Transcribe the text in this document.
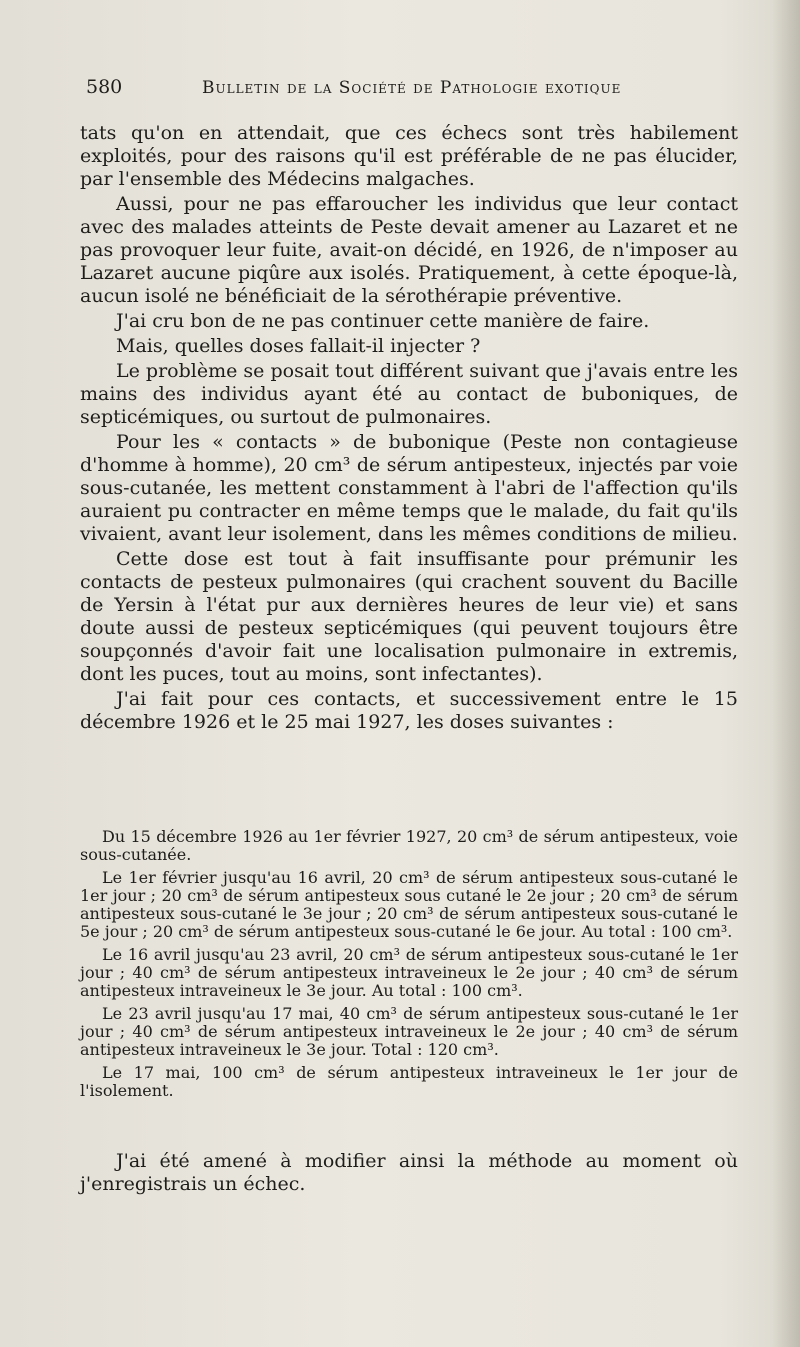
580	Bulletin de la Société de Pathologie exotique

tats qu'on en attendait, que ces échecs sont très habilement exploités, pour des raisons qu'il est préférable de ne pas élucider, par l'ensemble des Médecins malgaches.

Aussi, pour ne pas effaroucher les individus que leur contact avec des malades atteints de Peste devait amener au Lazaret et ne pas provoquer leur fuite, avait-on décidé, en 1926, de n'imposer au Lazaret aucune piqûre aux isolés. Pratiquement, à cette époque-là, aucun isolé ne bénéficiait de la sérothérapie préventive.

J'ai cru bon de ne pas continuer cette manière de faire.

Mais, quelles doses fallait-il injecter ?

Le problème se posait tout différent suivant que j'avais entre les mains des individus ayant été au contact de buboniques, de septicémiques, ou surtout de pulmonaires.

Pour les « contacts » de bubonique (Peste non contagieuse d'homme à homme), 20 cm³ de sérum antipesteux, injectés par voie sous-cutanée, les mettent constamment à l'abri de l'affection qu'ils auraient pu contracter en même temps que le malade, du fait qu'ils vivaient, avant leur isolement, dans les mêmes conditions de milieu.

Cette dose est tout à fait insuffisante pour prémunir les contacts de pesteux pulmonaires (qui crachent souvent du Bacille de Yersin à l'état pur aux dernières heures de leur vie) et sans doute aussi de pesteux septicémiques (qui peuvent toujours être soupçonnés d'avoir fait une localisation pulmonaire in extremis, dont les puces, tout au moins, sont infectantes).

J'ai fait pour ces contacts, et successivement entre le 15 décembre 1926 et le 25 mai 1927, les doses suivantes :

Du 15 décembre 1926 au 1er février 1927, 20 cm³ de sérum antipesteux, voie sous-cutanée.

Le 1er février jusqu'au 16 avril, 20 cm³ de sérum antipesteux sous-cutané le 1er jour ; 20 cm³ de sérum antipesteux sous cutané le 2e jour ; 20 cm³ de sérum antipesteux sous-cutané le 3e jour ; 20 cm³ de sérum antipesteux sous-cutané le 5e jour ; 20 cm³ de sérum antipesteux sous-cutané le 6e jour. Au total : 100 cm³.

Le 16 avril jusqu'au 23 avril, 20 cm³ de sérum antipesteux sous-cutané le 1er jour ; 40 cm³ de sérum antipesteux intraveineux le 2e jour ; 40 cm³ de sérum antipesteux intraveineux le 3e jour. Au total : 100 cm³.

Le 23 avril jusqu'au 17 mai, 40 cm³ de sérum antipesteux sous-cutané le 1er jour ; 40 cm³ de sérum antipesteux intraveineux le 2e jour ; 40 cm³ de sérum antipesteux intraveineux le 3e jour. Total : 120 cm³.

Le 17 mai, 100 cm³ de sérum antipesteux intraveineux le 1er jour de l'isolement.

J'ai été amené à modifier ainsi la méthode au moment où j'enregistrais un échec.
